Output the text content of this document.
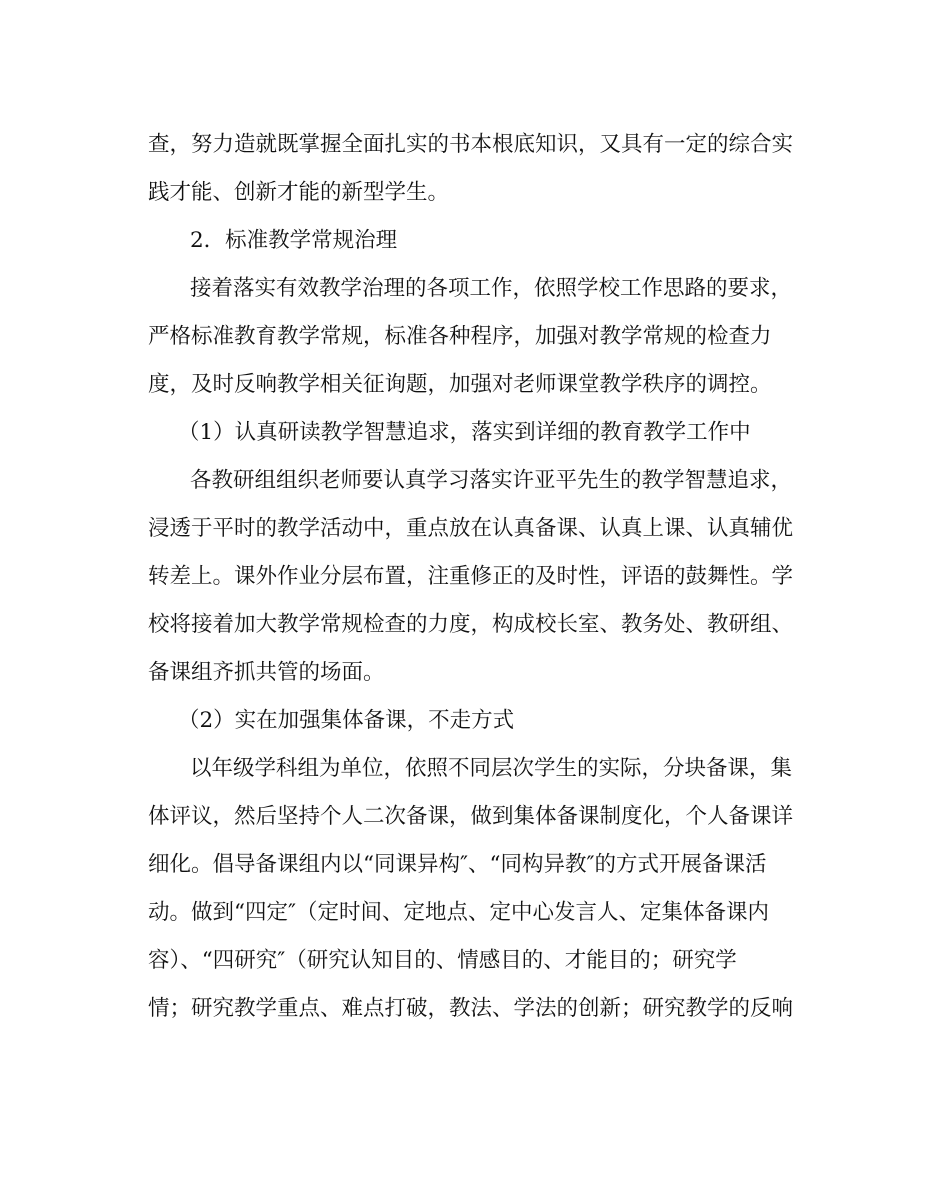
查，努力造就既掌握全面扎实的书本根底知识，又具有一定的综合实
践才能、创新才能的新型学生。
2．标准教学常规治理
接着落实有效教学治理的各项工作，依照学校工作思路的要求，
严格标准教育教学常规，标准各种程序，加强对教学常规的检查力
度，及时反响教学相关征询题，加强对老师课堂教学秩序的调控。
（1）认真研读教学智慧追求，落实到详细的教育教学工作中
各教研组组织老师要认真学习落实许亚平先生的教学智慧追求，
浸透于平时的教学活动中，重点放在认真备课、认真上课、认真辅优
转差上。课外作业分层布置，注重修正的及时性，评语的鼓舞性。学
校将接着加大教学常规检查的力度，构成校长室、教务处、教研组、
备课组齐抓共管的场面。
（2）实在加强集体备课，不走方式
以年级学科组为单位，依照不同层次学生的实际，分块备课，集
体评议，然后坚持个人二次备课，做到集体备课制度化，个人备课详
细化。倡导备课组内以“同课异构″、“同构异教″的方式开展备课活
动。做到“四定″（定时间、定地点、定中心发言人、定集体备课内
容）、“四研究″（研究认知目的、情感目的、才能目的；研究学
情；研究教学重点、难点打破，教法、学法的创新；研究教学的反响
